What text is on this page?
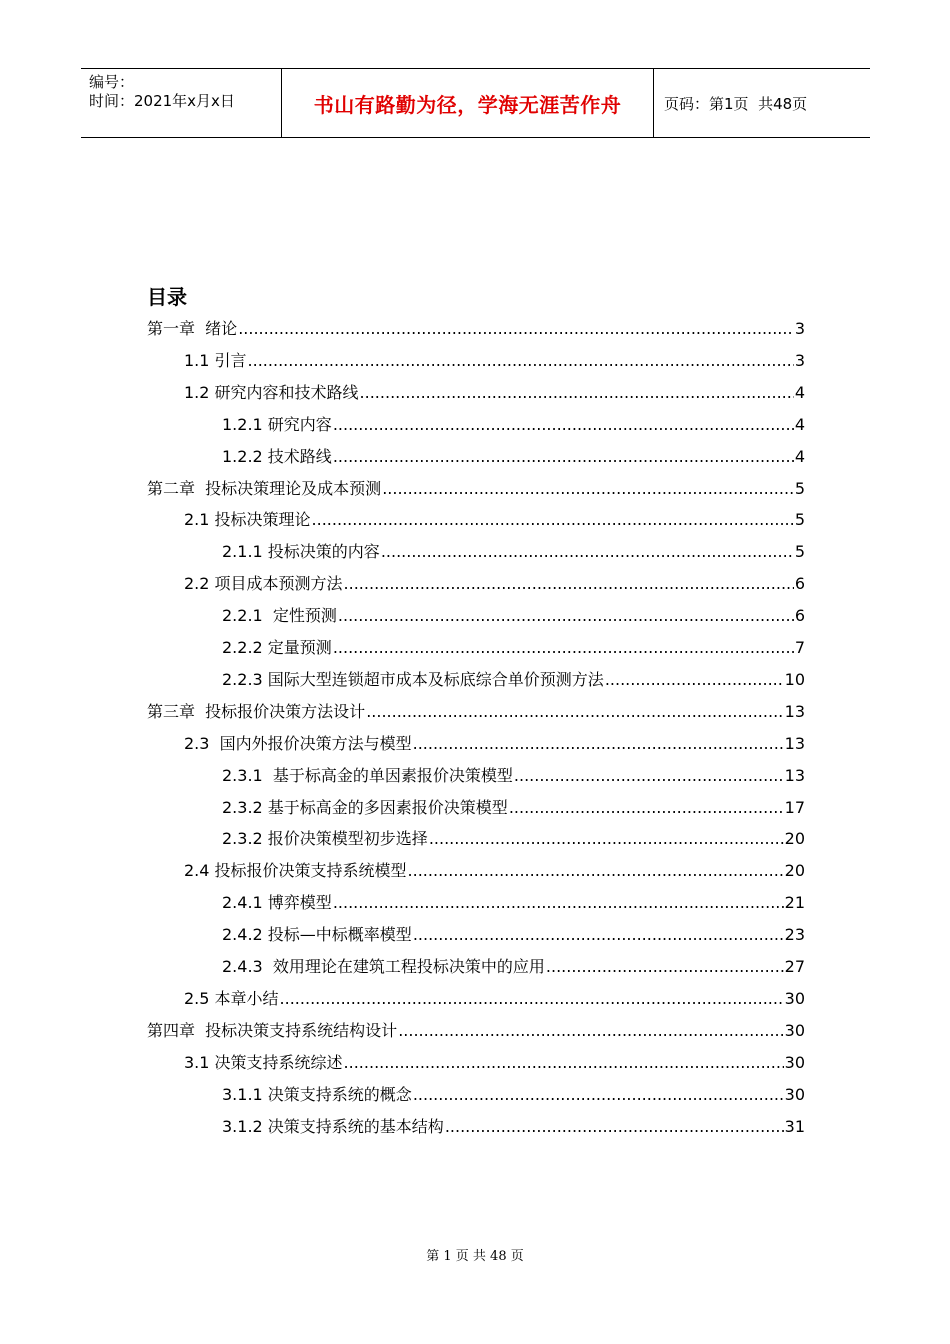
编号：
时间：2021年x月x日	书山有路勤为径，学海无涯苦作舟	页码：第1页  共48页
目录
第一章  绪论 .....	3
1.1 引言 .....	3
1.2 研究内容和技术路线 .....	4
1.2.1 研究内容 .....	4
1.2.2 技术路线 .....	4
第二章  投标决策理论及成本预测 .....	5
2.1 投标决策理论 .....	5
2.1.1 投标决策的内容 .....	5
2.2 项目成本预测方法 .....	6
2.2.1  定性预测 .....	6
2.2.2 定量预测 .....	7
2.2.3 国际大型连锁超市成本及标底综合单价预测方法 .....	10
第三章  投标报价决策方法设计 .....	13
2.3  国内外报价决策方法与模型 .....	13
2.3.1  基于标高金的单因素报价决策模型 .....	13
2.3.2 基于标高金的多因素报价决策模型 .....	17
2.3.2 报价决策模型初步选择 .....	20
2.4 投标报价决策支持系统模型 .....	20
2.4.1 博弈模型 .....	21
2.4.2 投标—中标概率模型 .....	23
2.4.3  效用理论在建筑工程投标决策中的应用 .....	27
2.5 本章小结 .....	30
第四章  投标决策支持系统结构设计 .....	30
3.1 决策支持系统综述 .....	30
3.1.1 决策支持系统的概念 .....	30
3.1.2 决策支持系统的基本结构 .....	31
第 1 页 共 48 页
